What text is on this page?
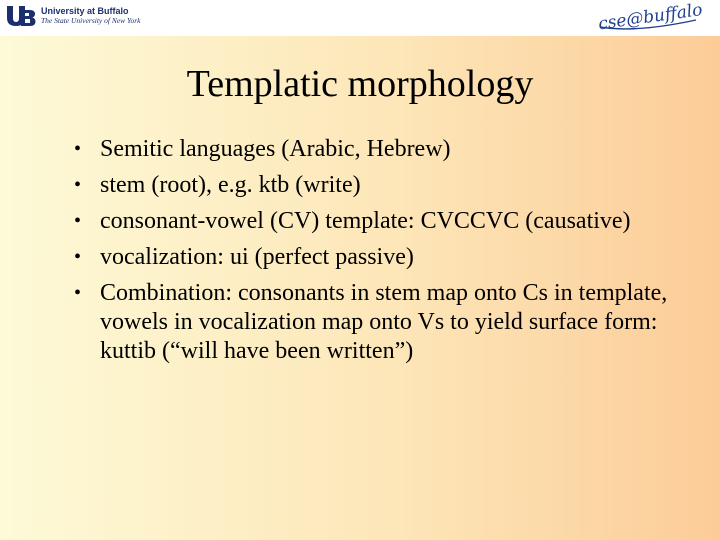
University at Buffalo
The State University of New York	cse@buffalo
Templatic morphology
• Semitic languages (Arabic, Hebrew)
• stem (root), e.g. ktb (write)
• consonant-vowel (CV) template: CVCCVC (causative)
• vocalization: ui (perfect passive)
• Combination: consonants in stem map onto Cs in template, vowels in vocalization map onto Vs to yield surface form: kuttib (“will have been written”)
